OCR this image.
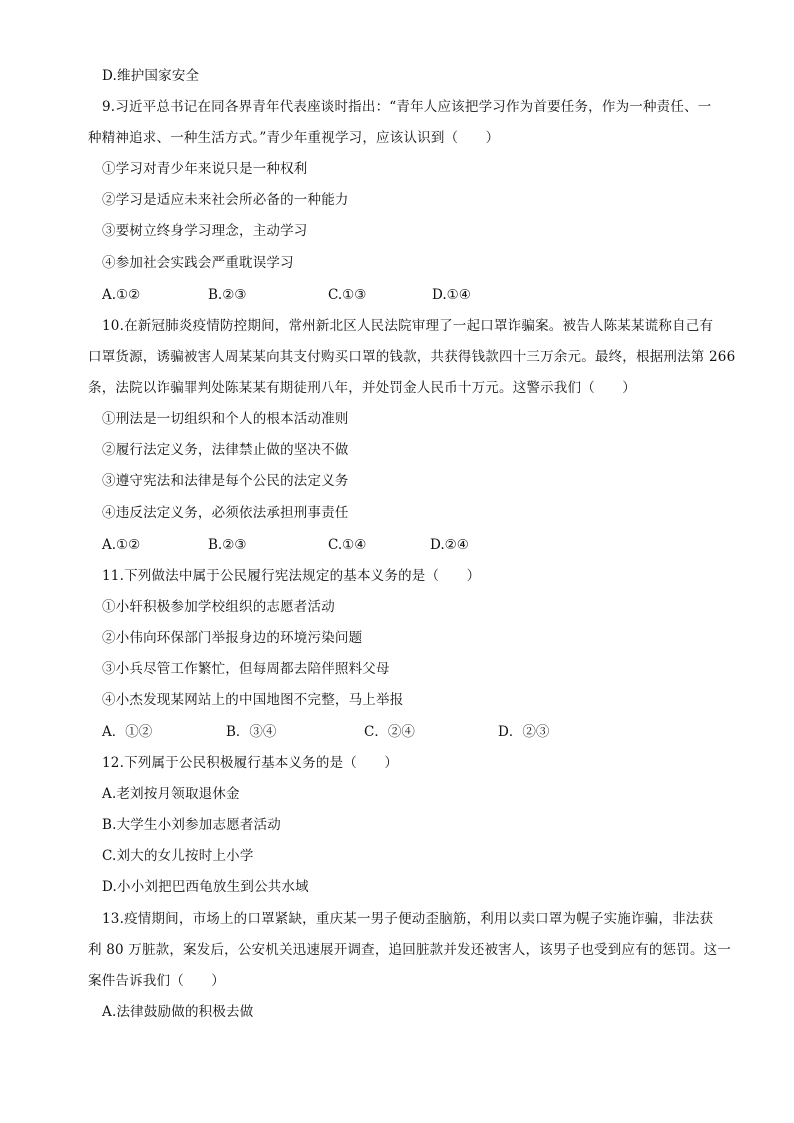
D.维护国家安全
9.习近平总书记在同各界青年代表座谈时指出：“青年人应该把学习作为首要任务，作为一种责任、一
种精神追求、一种生活方式。”青少年重视学习，应该认识到（　　）
①学习对青少年来说只是一种权利
②学习是适应未来社会所必备的一种能力
③要树立终身学习理念，主动学习
④参加社会实践会严重耽误学习
A.①②	B.②③	C.①③	D.①④
10.在新冠肺炎疫情防控期间，常州新北区人民法院审理了一起口罩诈骗案。被告人陈某某谎称自己有
口罩货源，诱骗被害人周某某向其支付购买口罩的钱款，共获得钱款四十三万余元。最终，根据刑法第 266
条，法院以诈骗罪判处陈某某有期徒刑八年，并处罚金人民币十万元。这警示我们（　　）
①刑法是一切组织和个人的根本活动准则
②履行法定义务，法律禁止做的坚决不做
③遵守宪法和法律是每个公民的法定义务
④违反法定义务，必须依法承担刑事责任
A.①②	B.②③	C.①④	D.②④
11.下列做法中属于公民履行宪法规定的基本义务的是（　　）
①小轩积极参加学校组织的志愿者活动
②小伟向环保部门举报身边的环境污染问题
③小兵尽管工作繁忙，但每周都去陪伴照料父母
④小杰发现某网站上的中国地图不完整，马上举报
A．①②	B．③④	C．②④	D．②③
12.下列属于公民积极履行基本义务的是（　　）
A.老刘按月领取退休金
B.大学生小刘参加志愿者活动
C.刘大的女儿按时上小学
D.小小刘把巴西龟放生到公共水域
13.疫情期间，市场上的口罩紧缺，重庆某一男子便动歪脑筋，利用以卖口罩为幌子实施诈骗，非法获
利 80 万脏款，案发后，公安机关迅速展开调查，追回脏款并发还被害人，该男子也受到应有的惩罚。这一
案件告诉我们（　　）
A.法律鼓励做的积极去做
